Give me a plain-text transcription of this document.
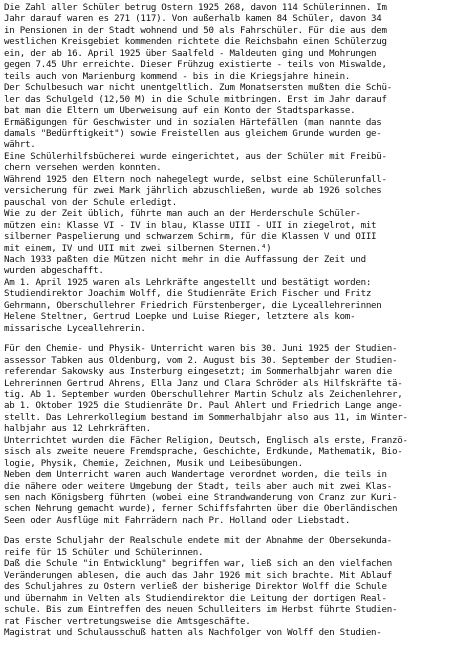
Die Zahl aller Schüler betrug Ostern 1925 268, davon 114 Schülerinnen. Im
Jahr darauf waren es 271 (117). Von außerhalb kamen 84 Schüler, davon 34
in Pensionen in der Stadt wohnend und 50 als Fahrschüler. Für die aus dem
westlichen Kreisgebiet kommenden richtete die Reichsbahn einen Schülerzug
ein, der ab 16. April 1925 über Saalfeld - Maldeuten ging und Mohrungen
gegen 7.45 Uhr erreichte. Dieser Frühzug existierte - teils von Miswalde,
teils auch von Marienburg kommend - bis in die Kriegsjahre hinein.
Der Schulbesuch war nicht unentgeltlich. Zum Monatsersten mußten die Schü-
ler das Schulgeld (12,50 M) in die Schule mitbringen. Erst im Jahr darauf
bat man die Eltern um Überweisung auf ein Konto der Stadtsparkasse.
Ermäßigungen für Geschwister und in sozialen Härtefällen (man nannte das
damals "Bedürftigkeit") sowie Freistellen aus gleichem Grunde wurden ge-
währt.
Eine Schülerhilfsbücherei wurde eingerichtet, aus der Schüler mit Freibü-
chern versehen werden konnten.
Während 1925 den Eltern noch nahegelegt wurde, selbst eine Schülerunfall-
versicherung für zwei Mark jährlich abzuschließen, wurde ab 1926 solches
pauschal von der Schule erledigt.
Wie zu der Zeit üblich, führte man auch an der Herderschule Schüler-
mützen ein: Klasse VI - IV in blau, Klasse UIII - UII in ziegelrot, mit
silberner Paspelierung und schwarzem Schirm, für die Klassen V und OIII
mit einem, IV und UII mit zwei silbernen Sternen.⁴)
Nach 1933 paßten die Mützen nicht mehr in die Auffassung der Zeit und
wurden abgeschafft.
Am 1. April 1925 waren als Lehrkräfte angestellt und bestätigt worden:
Studiendirektor Joachim Wolff, die Studienräte Erich Fischer und Fritz
Gehrmann, Oberschullehrer Friedrich Fürstenberger, die Lyceallehrerinnen
Helene Steltner, Gertrud Loepke und Luise Rieger, letztere als kom-
missarische Lyceallehrerin.
Für den Chemie- und Physik- Unterricht waren bis 30. Juni 1925 der Studien-
assessor Tabken aus Oldenburg, vom 2. August bis 30. September der Studien-
referendar Sakowsky aus Insterburg eingesetzt; im Sommerhalbjahr waren die
Lehrerinnen Gertrud Ahrens, Ella Janz und Clara Schröder als Hilfskräfte tä-
tig. Ab 1. September wurden Oberschullehrer Martin Schulz als Zeichenlehrer,
ab 1. Oktober 1925 die Studienräte Dr. Paul Ahlert und Friedrich Lange ange-
stellt. Das Lehrerkollegium bestand im Sommerhalbjahr also aus 11, im Winter-
halbjahr aus 12 Lehrkräften.
Unterrichtet wurden die Fächer Religion, Deutsch, Englisch als erste, Franzö-
sisch als zweite neuere Fremdsprache, Geschichte, Erdkunde, Mathematik, Bio-
logie, Physik, Chemie, Zeichnen, Musik und Leibesübungen.
Neben dem Unterricht waren auch Wandertage verordnet worden, die teils in
die nähere oder weitere Umgebung der Stadt, teils aber auch mit zwei Klas-
sen nach Königsberg führten (wobei eine Strandwanderung von Cranz zur Kuri-
schen Nehrung gemacht wurde), ferner Schiffsfahrten über die Oberländischen
Seen oder Ausflüge mit Fahrrädern nach Pr. Holland oder Liebstadt.
Das erste Schuljahr der Realschule endete mit der Abnahme der Obersekunda-
reife für 15 Schüler und Schülerinnen.
Daß die Schule "in Entwicklung" begriffen war, ließ sich an den vielfachen
Veränderungen ablesen, die auch das Jahr 1926 mit sich brachte. Mit Ablauf
des Schuljahres zu Ostern verließ der bisherige Direktor Wolff die Schule
und übernahm in Velten als Studiendirektor die Leitung der dortigen Real-
schule. Bis zum Eintreffen des neuen Schulleiters im Herbst führte Studien-
rat Fischer vertretungsweise die Amtsgeschäfte.
Magistrat und Schulausschuß hatten als Nachfolger von Wolff den Studien-
